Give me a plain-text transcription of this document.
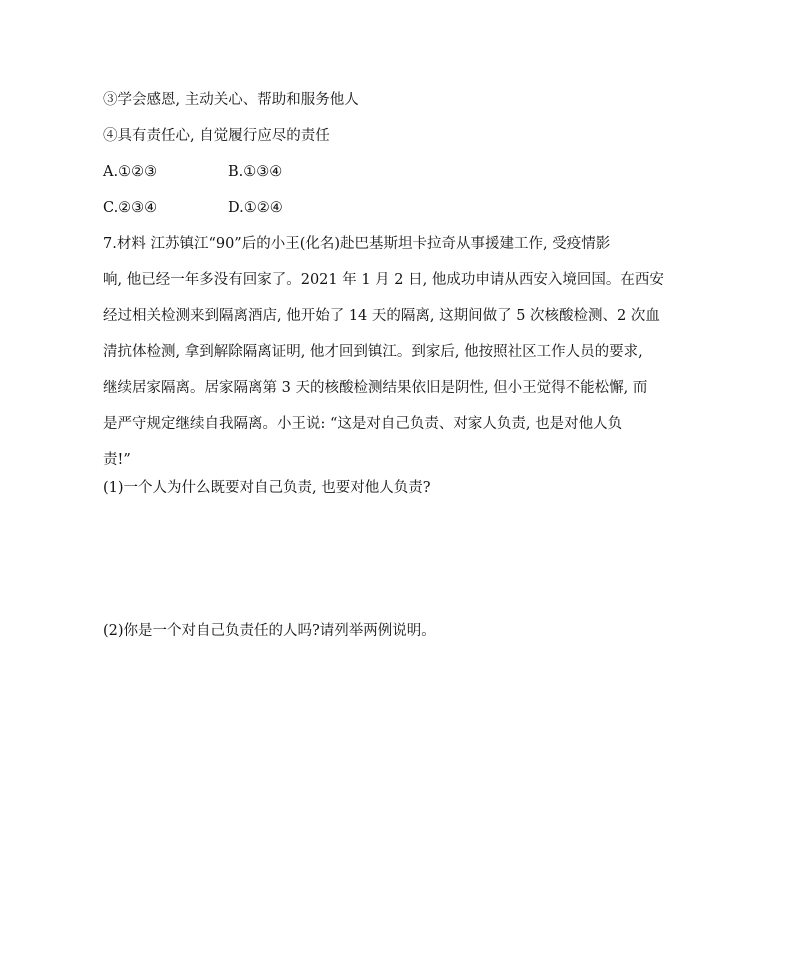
③学会感恩, 主动关心、帮助和服务他人
④具有责任心, 自觉履行应尽的责任
A.①②③	B.①③④
C.②③④	D.①②④
7.材料 江苏镇江“90”后的小王(化名)赴巴基斯坦卡拉奇从事援建工作, 受疫情影
响, 他已经一年多没有回家了。2021 年 1 月 2 日, 他成功申请从西安入境回国。在西安
经过相关检测来到隔离酒店, 他开始了 14 天的隔离, 这期间做了 5 次核酸检测、2 次血
清抗体检测, 拿到解除隔离证明, 他才回到镇江。到家后, 他按照社区工作人员的要求,
继续居家隔离。居家隔离第 3 天的核酸检测结果依旧是阴性, 但小王觉得不能松懈, 而
是严守规定继续自我隔离。小王说: “这是对自己负责、对家人负责, 也是对他人负
责!”
(1)一个人为什么既要对自己负责, 也要对他人负责?
(2)你是一个对自己负责任的人吗?请列举两例说明。
